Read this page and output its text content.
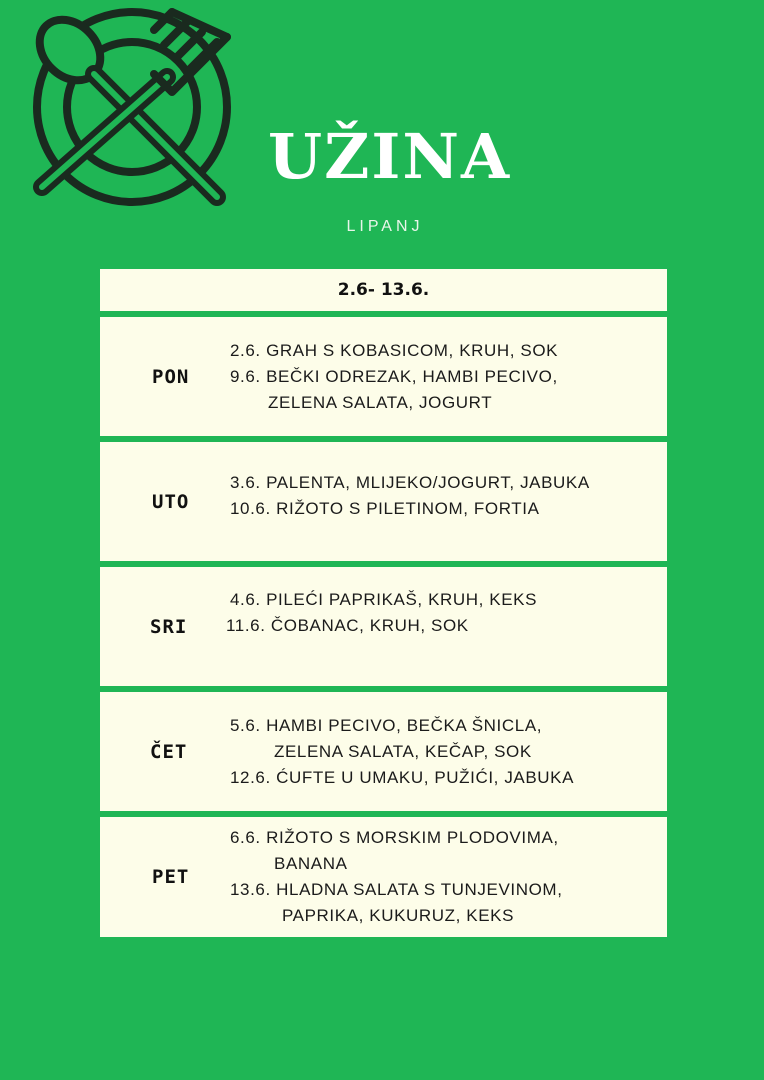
UŽINA
LIPANJ
2.6- 13.6.
PON
2.6. GRAH S KOBASICOM, KRUH, SOK
9.6. BEČKI ODREZAK, HAMBI PECIVO,
ZELENA SALATA, JOGURT
UTO
3.6. PALENTA, MLIJEKO/JOGURT, JABUKA
10.6. RIŽOTO S PILETINOM, FORTIA
SRI
4.6. PILEĆI PAPRIKAŠ, KRUH, KEKS
11.6. ČOBANAC, KRUH, SOK
ČET
5.6. HAMBI PECIVO, BEČKA ŠNICLA,
ZELENA SALATA, KEČAP, SOK
12.6. ĆUFTE U UMAKU, PUŽIĆI, JABUKA
PET
6.6. RIŽOTO S MORSKIM PLODOVIMA,
BANANA
13.6. HLADNA SALATA S TUNJEVINOM,
PAPRIKA, KUKURUZ, KEKS
